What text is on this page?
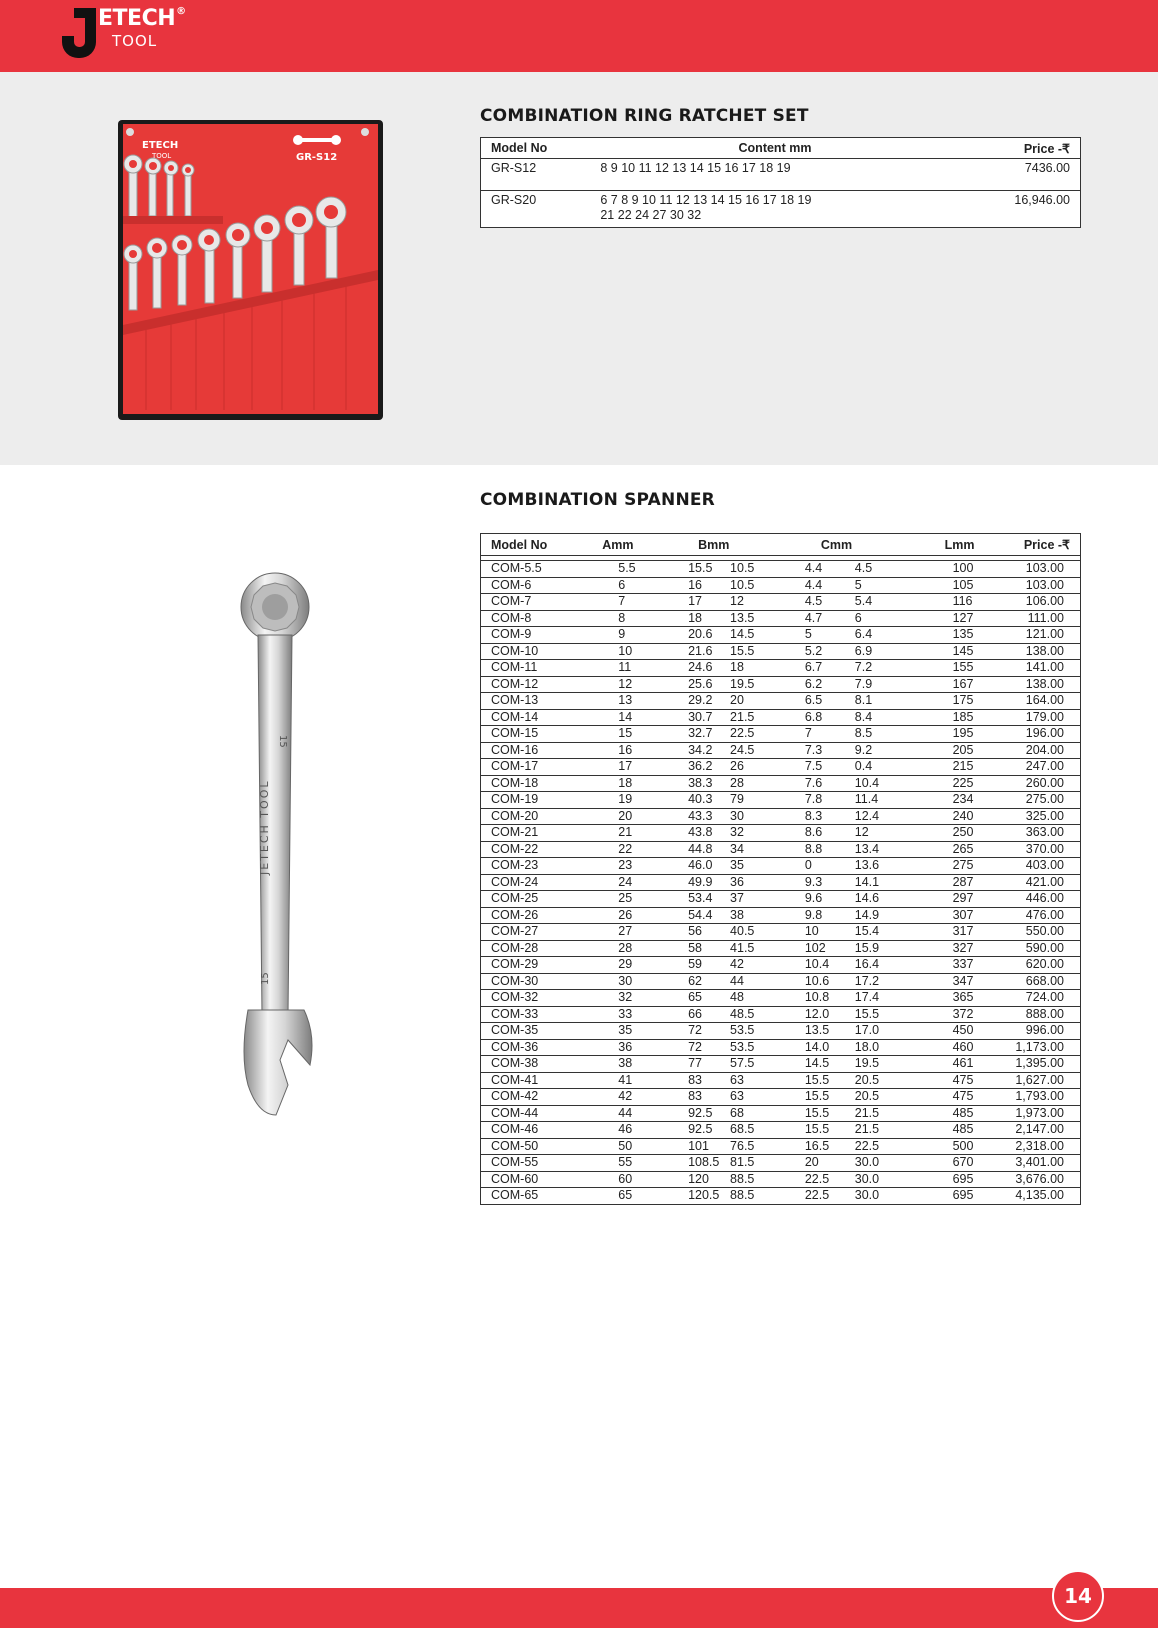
ETECH®
TOOL
ETECH
TOOL	GR-S12
COMBINATION RING RATCHET SET
Model No	Content mm	Price -₹
GR-S12	8 9 10 11 12 13 14 15 16 17 18 19	7436.00
GR-S20	6 7 8 9 10 11 12 13 14 15 16 17 18 19
21 22 24 27 30 32	16,946.00
COMBINATION SPANNER
JETECH TOOL
15
15
Model No	Amm	Bmm		Cmm		Lmm	Price -₹

COM-5.5	5.5	15.5	10.5	4.4	4.5	100	103.00
COM-6	6	16	10.5	4.4	5	105	103.00
COM-7	7	17	12	4.5	5.4	116	106.00
COM-8	8	18	13.5	4.7	6	127	111.00
COM-9	9	20.6	14.5	5	6.4	135	121.00
COM-10	10	21.6	15.5	5.2	6.9	145	138.00
COM-11	11	24.6	18	6.7	7.2	155	141.00
COM-12	12	25.6	19.5	6.2	7.9	167	138.00
COM-13	13	29.2	20	6.5	8.1	175	164.00
COM-14	14	30.7	21.5	6.8	8.4	185	179.00
COM-15	15	32.7	22.5	7	8.5	195	196.00
COM-16	16	34.2	24.5	7.3	9.2	205	204.00
COM-17	17	36.2	26	7.5	0.4	215	247.00
COM-18	18	38.3	28	7.6	10.4	225	260.00
COM-19	19	40.3	79	7.8	11.4	234	275.00
COM-20	20	43.3	30	8.3	12.4	240	325.00
COM-21	21	43.8	32	8.6	12	250	363.00
COM-22	22	44.8	34	8.8	13.4	265	370.00
COM-23	23	46.0	35	0	13.6	275	403.00
COM-24	24	49.9	36	9.3	14.1	287	421.00
COM-25	25	53.4	37	9.6	14.6	297	446.00
COM-26	26	54.4	38	9.8	14.9	307	476.00
COM-27	27	56	40.5	10	15.4	317	550.00
COM-28	28	58	41.5	102	15.9	327	590.00
COM-29	29	59	42	10.4	16.4	337	620.00
COM-30	30	62	44	10.6	17.2	347	668.00
COM-32	32	65	48	10.8	17.4	365	724.00
COM-33	33	66	48.5	12.0	15.5	372	888.00
COM-35	35	72	53.5	13.5	17.0	450	996.00
COM-36	36	72	53.5	14.0	18.0	460	1,173.00
COM-38	38	77	57.5	14.5	19.5	461	1,395.00
COM-41	41	83	63	15.5	20.5	475	1,627.00
COM-42	42	83	63	15.5	20.5	475	1,793.00
COM-44	44	92.5	68	15.5	21.5	485	1,973.00
COM-46	46	92.5	68.5	15.5	21.5	485	2,147.00
COM-50	50	101	76.5	16.5	22.5	500	2,318.00
COM-55	55	108.5	81.5	20	30.0	670	3,401.00
COM-60	60	120	88.5	22.5	30.0	695	3,676.00
COM-65	65	120.5	88.5	22.5	30.0	695	4,135.00
14
